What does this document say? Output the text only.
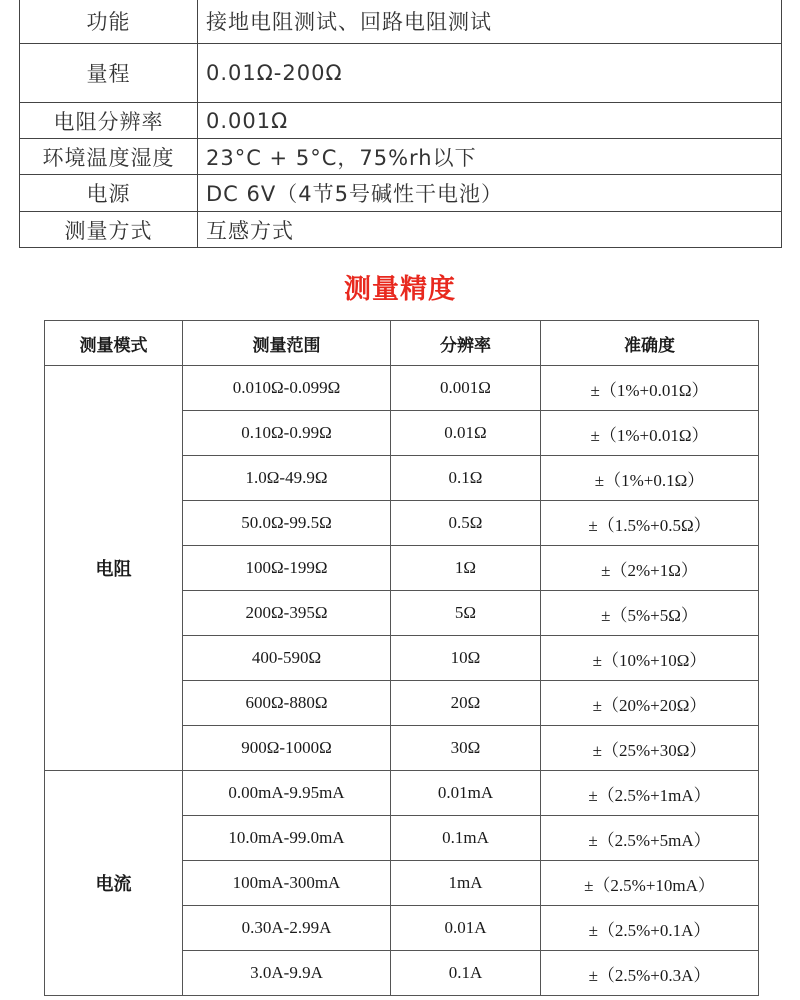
功能	接地电阻测试、回路电阻测试
量程	0.01Ω-200Ω
电阻分辨率	0.001Ω
环境温度湿度	23°C + 5°C，75%rh以下
电源	DC 6V（4节5号碱性干电池）
测量方式	互感方式
测量精度
测量模式	测量范围	分辨率	准确度
电阻	0.010Ω-0.099Ω	0.001Ω	±（1%+0.01Ω）
	0.10Ω-0.99Ω	0.01Ω	±（1%+0.01Ω）
	1.0Ω-49.9Ω	0.1Ω	±（1%+0.1Ω）
	50.0Ω-99.5Ω	0.5Ω	±（1.5%+0.5Ω）
	100Ω-199Ω	1Ω	±（2%+1Ω）
	200Ω-395Ω	5Ω	±（5%+5Ω）
	400-590Ω	10Ω	±（10%+10Ω）
	600Ω-880Ω	20Ω	±（20%+20Ω）
	900Ω-1000Ω	30Ω	±（25%+30Ω）
电流	0.00mA-9.95mA	0.01mA	±（2.5%+1mA）
	10.0mA-99.0mA	0.1mA	±（2.5%+5mA）
	100mA-300mA	1mA	±（2.5%+10mA）
	0.30A-2.99A	0.01A	±（2.5%+0.1A）
	3.0A-9.9A	0.1A	±（2.5%+0.3A）
